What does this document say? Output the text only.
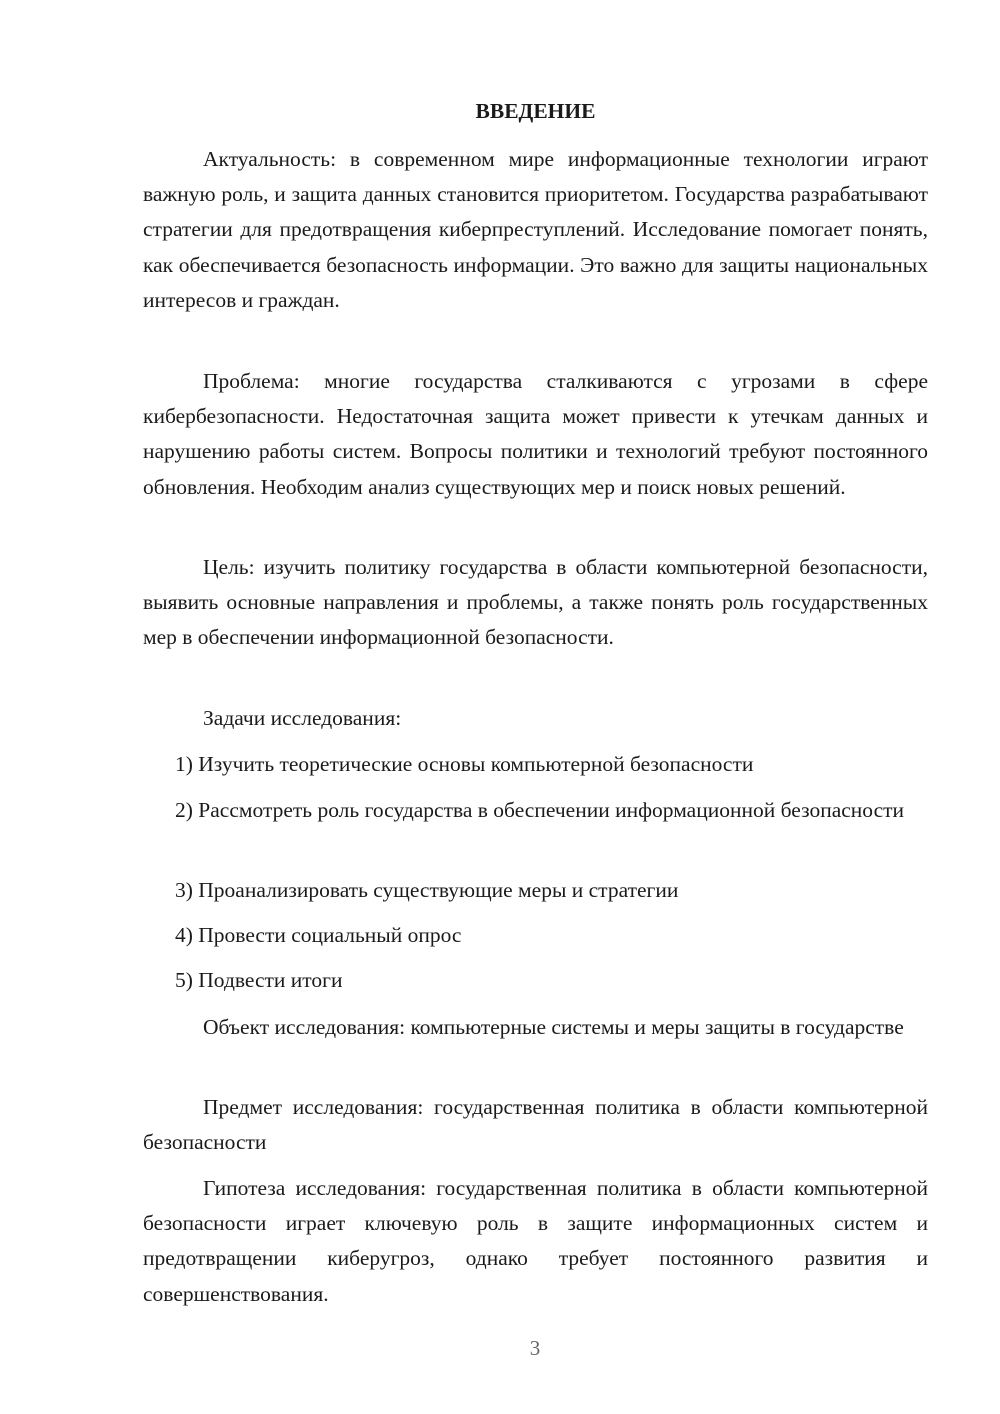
ВВЕДЕНИЕ

Актуальность: в современном мире информационные технологии играют важную роль, и защита данных становится приоритетом. Государства разрабатывают стратегии для предотвращения киберпреступлений. Исследование помогает понять, как обеспечивается безопасность информации. Это важно для защиты национальных интересов и граждан.

Проблема: многие государства сталкиваются с угрозами в сфере кибербезопасности. Недостаточная защита может привести к утечкам данных и нарушению работы систем. Вопросы политики и технологий требуют постоянного обновления. Необходим анализ существующих мер и поиск новых решений.

Цель: изучить политику государства в области компьютерной безопасности, выявить основные направления и проблемы, а также понять роль государственных мер в обеспечении информационной безопасности.

Задачи исследования:

1) Изучить теоретические основы компьютерной безопасности

2) Рассмотреть роль государства в обеспечении информационной безопасности

3) Проанализировать существующие меры и стратегии

4) Провести социальный опрос

5) Подвести итоги

Объект исследования: компьютерные системы и меры защиты в государстве

Предмет исследования: государственная политика в области компьютерной безопасности

Гипотеза исследования: государственная политика в области компьютерной безопасности играет ключевую роль в защите информационных систем и предотвращении киберугроз, однако требует постоянного развития и совершенствования.

3
